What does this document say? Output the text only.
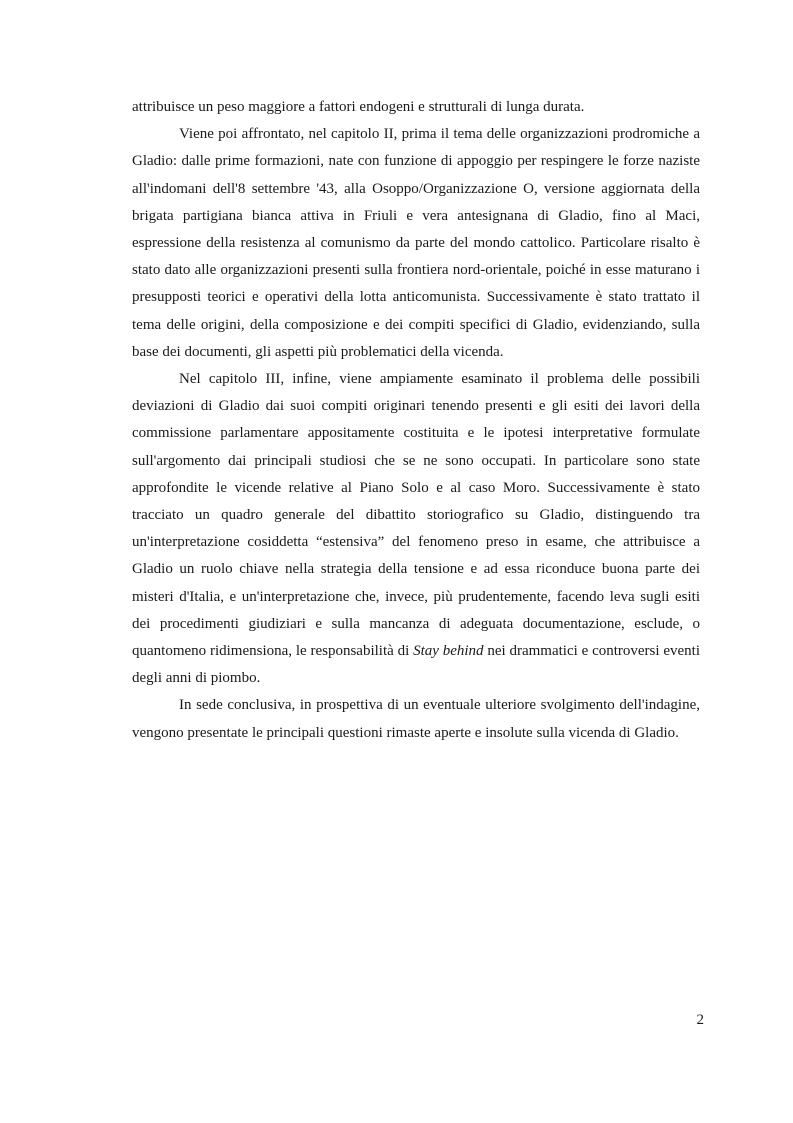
attribuisce un peso maggiore a fattori endogeni e strutturali di lunga durata.

Viene poi affrontato, nel capitolo II, prima il tema delle organizzazioni prodromiche a Gladio: dalle prime formazioni, nate con funzione di appoggio per respingere le forze naziste all'indomani dell'8 settembre '43, alla Osoppo/Organizzazione O, versione aggiornata della brigata partigiana bianca attiva in Friuli e vera antesignana di Gladio, fino al Maci, espressione della resistenza al comunismo da parte del mondo cattolico. Particolare risalto è stato dato alle organizzazioni presenti sulla frontiera nord-orientale, poiché in esse maturano i presupposti teorici e operativi della lotta anticomunista. Successivamente è stato trattato il tema delle origini, della composizione e dei compiti specifici di Gladio, evidenziando, sulla base dei documenti, gli aspetti più problematici della vicenda.

Nel capitolo III, infine, viene ampiamente esaminato il problema delle possibili deviazioni di Gladio dai suoi compiti originari tenendo presenti e gli esiti dei lavori della commissione parlamentare appositamente costituita e le ipotesi interpretative formulate sull'argomento dai principali studiosi che se ne sono occupati. In particolare sono state approfondite le vicende relative al Piano Solo e al caso Moro. Successivamente è stato tracciato un quadro generale del dibattito storiografico su Gladio, distinguendo tra un'interpretazione cosiddetta “estensiva” del fenomeno preso in esame, che attribuisce a Gladio un ruolo chiave nella strategia della tensione e ad essa riconduce buona parte dei misteri d'Italia, e un'interpretazione che, invece, più prudentemente, facendo leva sugli esiti dei procedimenti giudiziari e sulla mancanza di adeguata documentazione, esclude, o quantomeno ridimensiona, le responsabilità di Stay behind nei drammatici e controversi eventi degli anni di piombo.

In sede conclusiva, in prospettiva di un eventuale ulteriore svolgimento dell'indagine, vengono presentate le principali questioni rimaste aperte e insolute sulla vicenda di Gladio.

2
